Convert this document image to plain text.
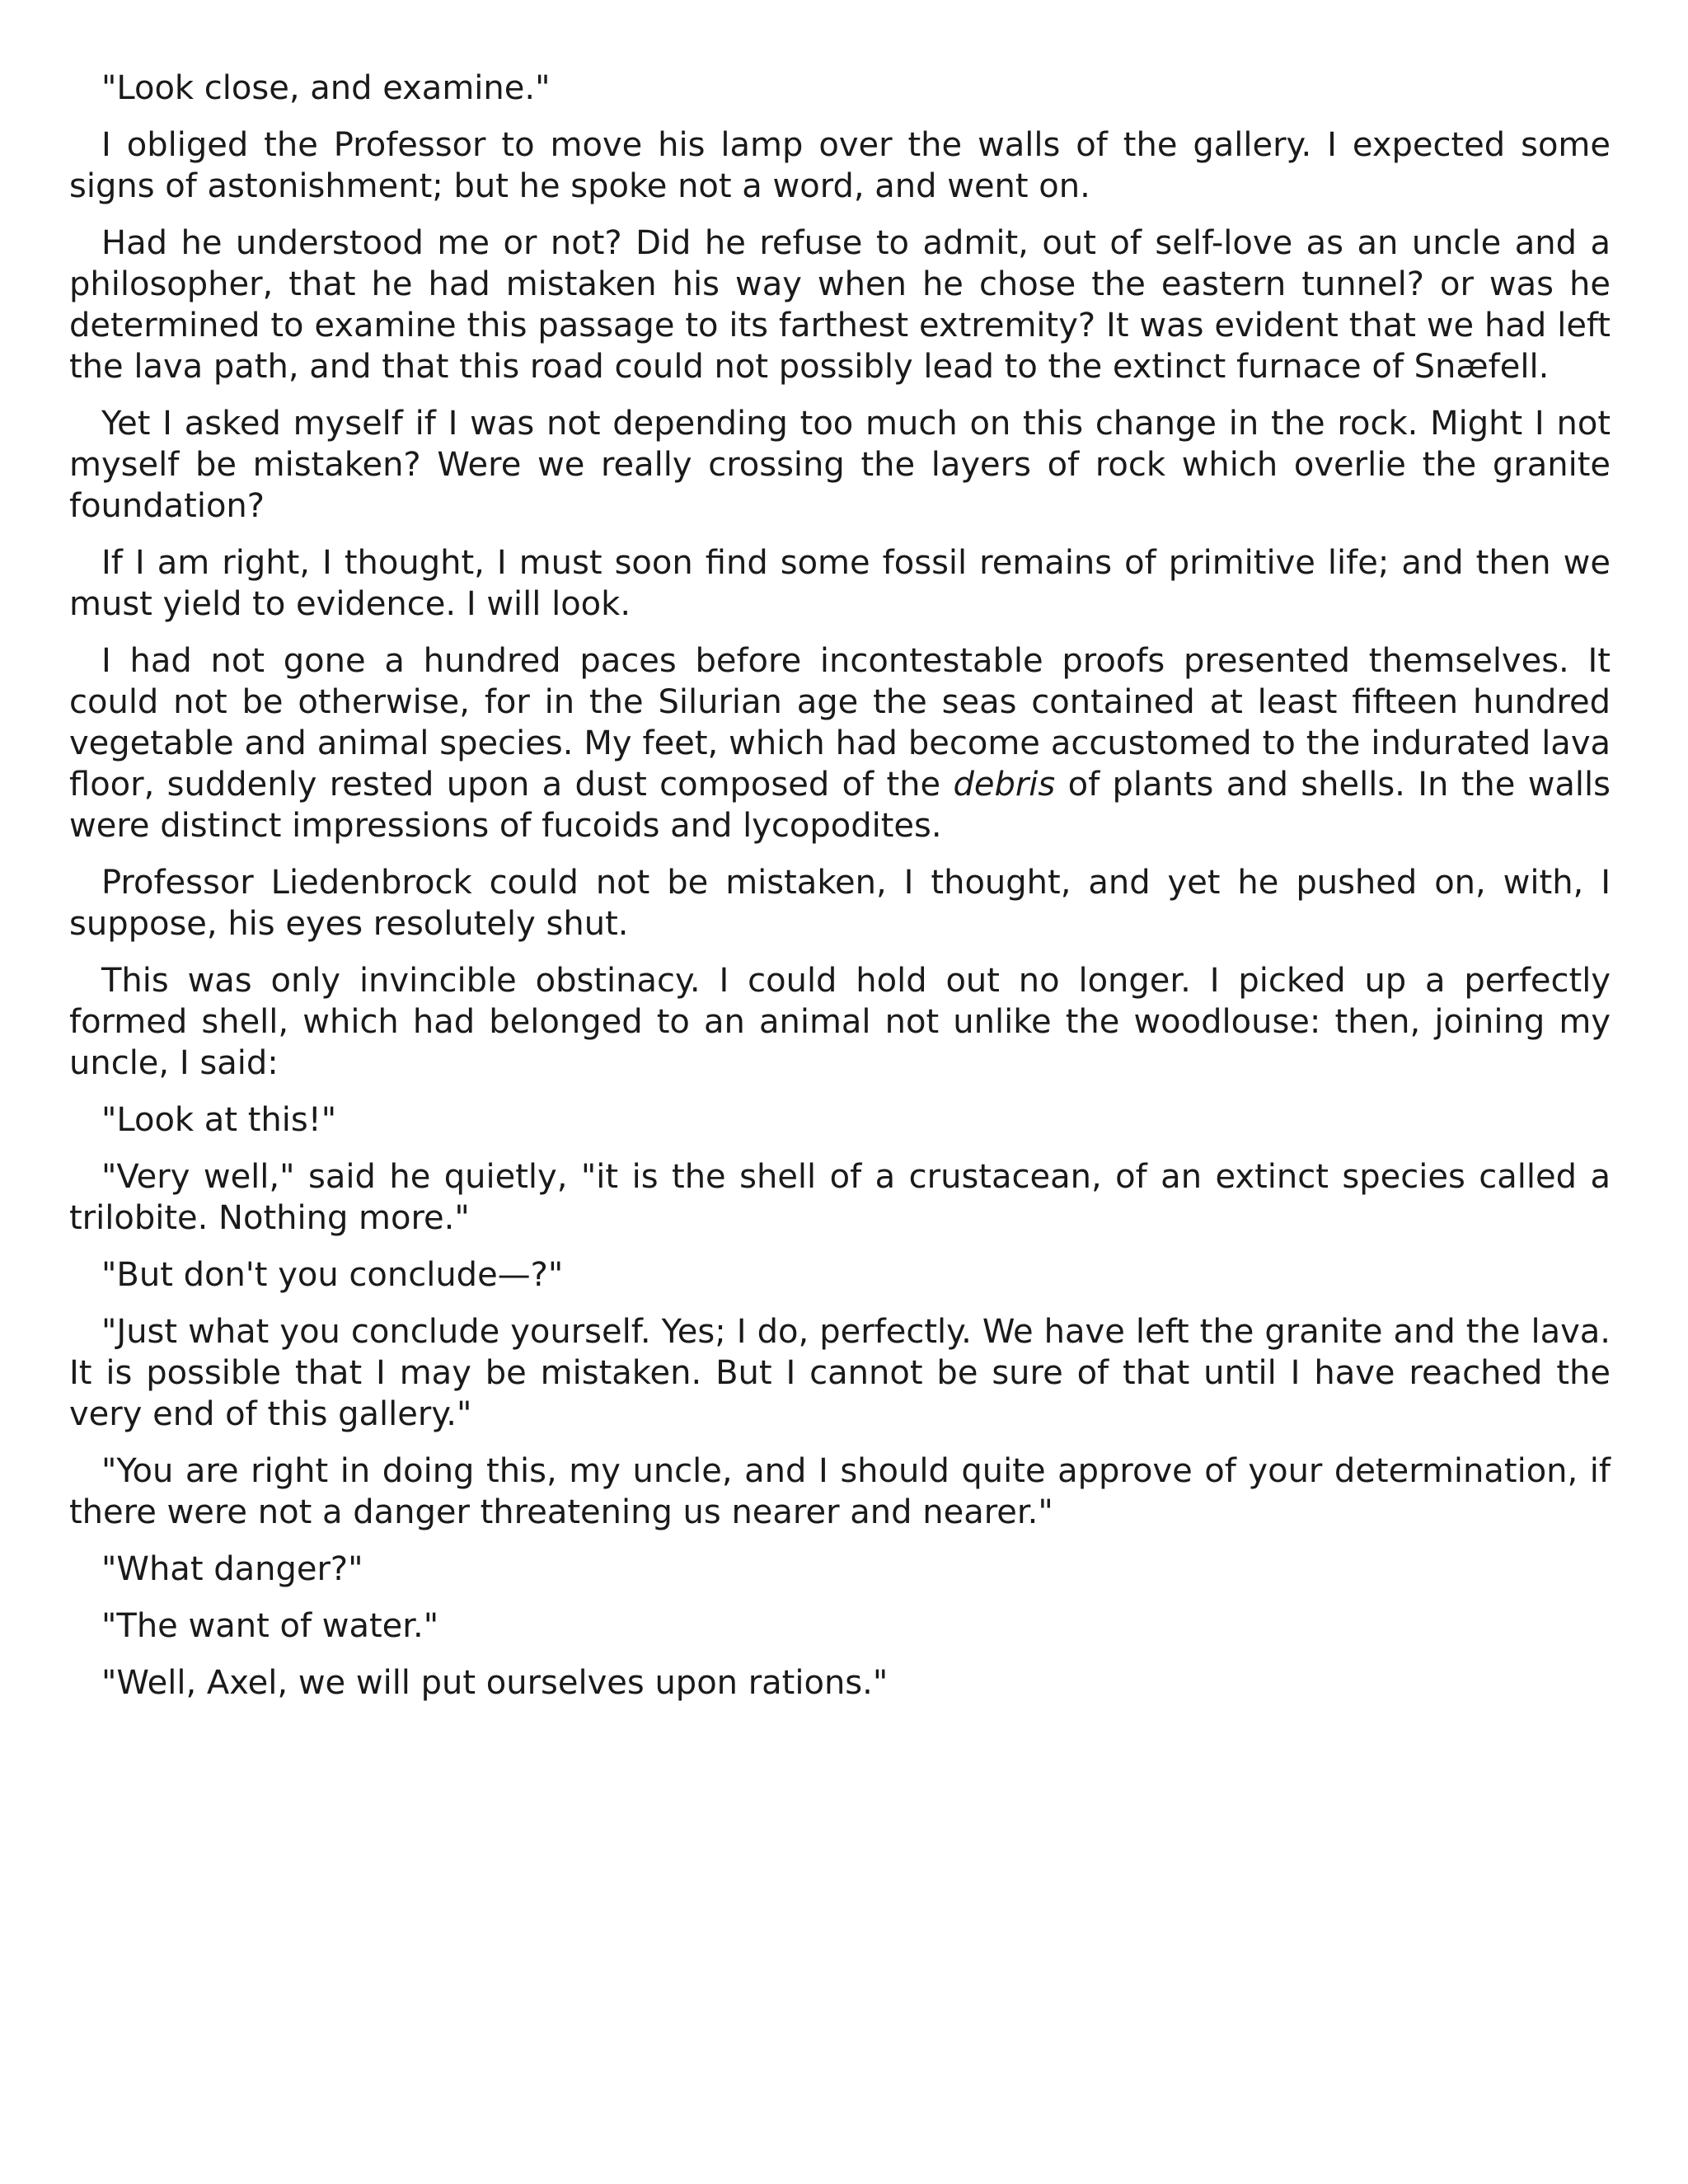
"Look close, and examine."

I obliged the Professor to move his lamp over the walls of the gallery. I expected some signs of astonishment; but he spoke not a word, and went on.

Had he understood me or not? Did he refuse to admit, out of self-love as an uncle and a philosopher, that he had mistaken his way when he chose the eastern tunnel? or was he determined to examine this passage to its farthest extremity? It was evident that we had left the lava path, and that this road could not possibly lead to the extinct furnace of Snæfell.

Yet I asked myself if I was not depending too much on this change in the rock. Might I not myself be mistaken? Were we really crossing the layers of rock which overlie the granite foundation?

If I am right, I thought, I must soon find some fossil remains of primitive life; and then we must yield to evidence. I will look.

I had not gone a hundred paces before incontestable proofs presented themselves. It could not be otherwise, for in the Silurian age the seas contained at least fifteen hundred vegetable and animal species. My feet, which had become accustomed to the indurated lava floor, suddenly rested upon a dust composed of the debris of plants and shells. In the walls were distinct impressions of fucoids and lycopodites.

Professor Liedenbrock could not be mistaken, I thought, and yet he pushed on, with, I suppose, his eyes resolutely shut.

This was only invincible obstinacy. I could hold out no longer. I picked up a perfectly formed shell, which had belonged to an animal not unlike the woodlouse: then, joining my uncle, I said:

"Look at this!"

"Very well," said he quietly, "it is the shell of a crustacean, of an extinct species called a trilobite. Nothing more."

"But don't you conclude—?"

"Just what you conclude yourself. Yes; I do, perfectly. We have left the granite and the lava. It is possible that I may be mistaken. But I cannot be sure of that until I have reached the very end of this gallery."

"You are right in doing this, my uncle, and I should quite approve of your determination, if there were not a danger threatening us nearer and nearer."

"What danger?"

"The want of water."

"Well, Axel, we will put ourselves upon rations."
